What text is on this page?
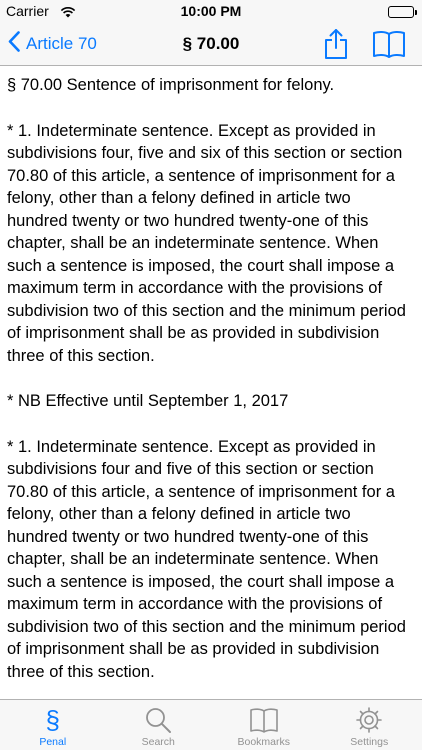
Carrier	10:00 PM
Article 70	§ 70.00

§ 70.00 Sentence of imprisonment for felony.

* 1. Indeterminate sentence. Except as provided in subdivisions four, five and six of this section or section 70.80 of this article, a sentence of imprisonment for a felony, other than a felony defined in article two hundred twenty or two hundred twenty-one of this chapter, shall be an indeterminate sentence. When such a sentence is imposed, the court shall impose a maximum term in accordance with the provisions of subdivision two of this section and the minimum period of imprisonment shall be as provided in subdivision three of this section.

* NB Effective until September 1, 2017

* 1. Indeterminate sentence. Except as provided in subdivisions four and five of this section or section 70.80 of this article, a sentence of imprisonment for a felony, other than a felony defined in article two hundred twenty or two hundred twenty-one of this chapter, shall be an indeterminate sentence. When such a sentence is imposed, the court shall impose a maximum term in accordance with the provisions of subdivision two of this section and the minimum period of imprisonment shall be as provided in subdivision three of this section.

§
Penal	Search	Bookmarks	Settings
